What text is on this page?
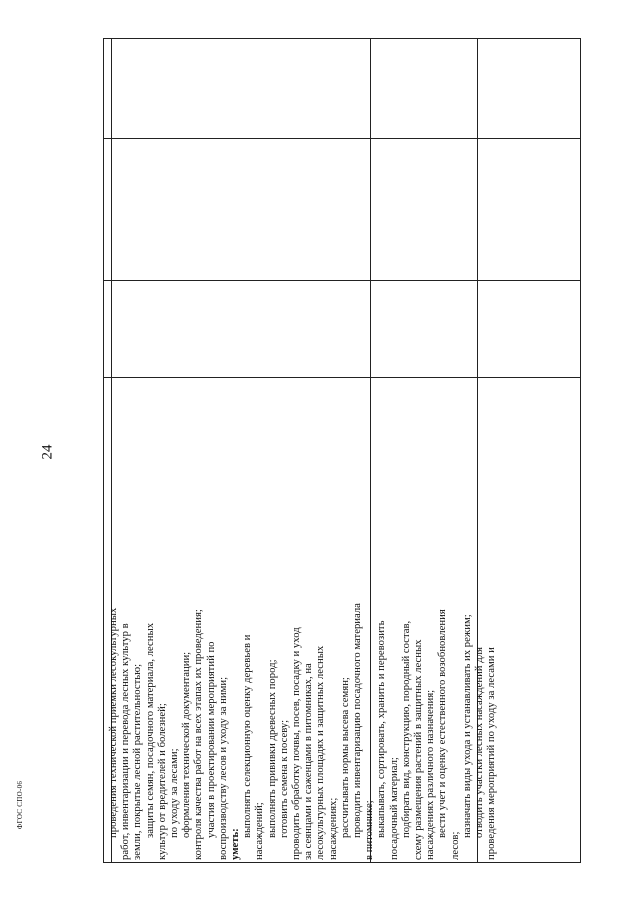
24
проведения технической приемки лесокультурных работ, инвентаризации и перевода лесных культур в земли, покрытые лесной растительностью; защиты семян, посадочного материала, лесных культур от вредителей и болезней; по уходу за лесами; оформления технической документации; контроля качества работ на всех этапах их проведения; участия в проектировании мероприятий по воспроизводству лесов и уходу за ними; уметь:
выполнять селекционную оценку деревьев и насаждений; выполнять прививки древесных пород; готовить семена к посеву; проводить обработку почвы, посев, посадку и уход за сеянцами и саженцами в питомниках, на лесокультурных площадях и защитных лесных насаждениях; рассчитывать нормы высева семян; проводить инвентаризацию посадочного материала в питомнике; выкапывать, сортировать, хранить и перевозить посадочный материал; подбирать вид, конструкцию, породный состав, схему размещения растений в защитных лесных насаждениях различного назначения; вести учет и оценку естественного возобновления
лесов;
назначать виды ухода и устанавливать их режим; отводить участки лесных насаждений для проведения мероприятий по уходу за лесами и
ФГОС СПО-06
